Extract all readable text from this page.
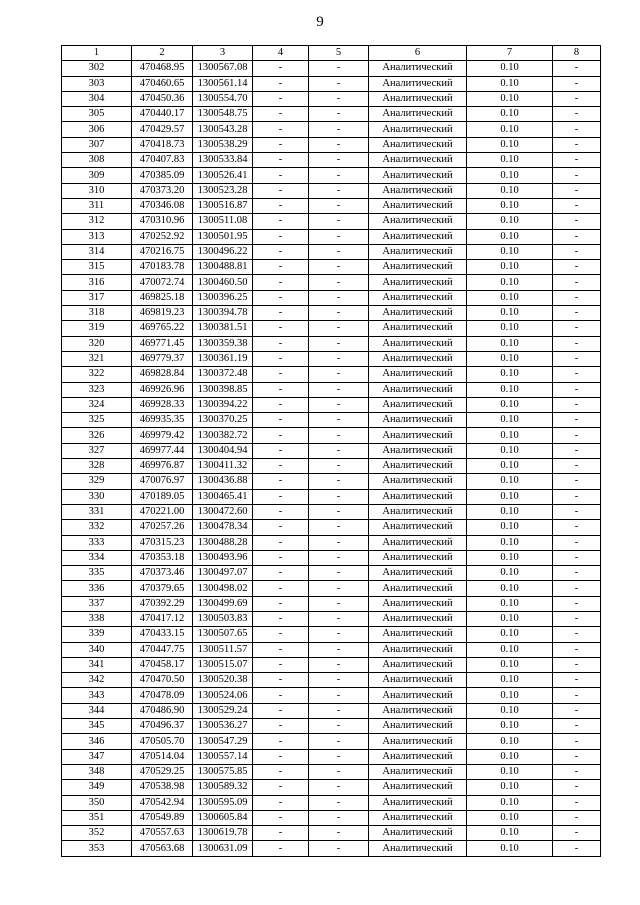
9
1	2	3	4	5	6	7	8
302	470468.95	1300567.08	-	-	Аналитический	0.10	-
303	470460.65	1300561.14	-	-	Аналитический	0.10	-
304	470450.36	1300554.70	-	-	Аналитический	0.10	-
305	470440.17	1300548.75	-	-	Аналитический	0.10	-
306	470429.57	1300543.28	-	-	Аналитический	0.10	-
307	470418.73	1300538.29	-	-	Аналитический	0.10	-
308	470407.83	1300533.84	-	-	Аналитический	0.10	-
309	470385.09	1300526.41	-	-	Аналитический	0.10	-
310	470373.20	1300523.28	-	-	Аналитический	0.10	-
311	470346.08	1300516.87	-	-	Аналитический	0.10	-
312	470310.96	1300511.08	-	-	Аналитический	0.10	-
313	470252.92	1300501.95	-	-	Аналитический	0.10	-
314	470216.75	1300496.22	-	-	Аналитический	0.10	-
315	470183.78	1300488.81	-	-	Аналитический	0.10	-
316	470072.74	1300460.50	-	-	Аналитический	0.10	-
317	469825.18	1300396.25	-	-	Аналитический	0.10	-
318	469819.23	1300394.78	-	-	Аналитический	0.10	-
319	469765.22	1300381.51	-	-	Аналитический	0.10	-
320	469771.45	1300359.38	-	-	Аналитический	0.10	-
321	469779.37	1300361.19	-	-	Аналитический	0.10	-
322	469828.84	1300372.48	-	-	Аналитический	0.10	-
323	469926.96	1300398.85	-	-	Аналитический	0.10	-
324	469928.33	1300394.22	-	-	Аналитический	0.10	-
325	469935.35	1300370.25	-	-	Аналитический	0.10	-
326	469979.42	1300382.72	-	-	Аналитический	0.10	-
327	469977.44	1300404.94	-	-	Аналитический	0.10	-
328	469976.87	1300411.32	-	-	Аналитический	0.10	-
329	470076.97	1300436.88	-	-	Аналитический	0.10	-
330	470189.05	1300465.41	-	-	Аналитический	0.10	-
331	470221.00	1300472.60	-	-	Аналитический	0.10	-
332	470257.26	1300478.34	-	-	Аналитический	0.10	-
333	470315.23	1300488.28	-	-	Аналитический	0.10	-
334	470353.18	1300493.96	-	-	Аналитический	0.10	-
335	470373.46	1300497.07	-	-	Аналитический	0.10	-
336	470379.65	1300498.02	-	-	Аналитический	0.10	-
337	470392.29	1300499.69	-	-	Аналитический	0.10	-
338	470417.12	1300503.83	-	-	Аналитический	0.10	-
339	470433.15	1300507.65	-	-	Аналитический	0.10	-
340	470447.75	1300511.57	-	-	Аналитический	0.10	-
341	470458.17	1300515.07	-	-	Аналитический	0.10	-
342	470470.50	1300520.38	-	-	Аналитический	0.10	-
343	470478.09	1300524.06	-	-	Аналитический	0.10	-
344	470486.90	1300529.24	-	-	Аналитический	0.10	-
345	470496.37	1300536.27	-	-	Аналитический	0.10	-
346	470505.70	1300547.29	-	-	Аналитический	0.10	-
347	470514.04	1300557.14	-	-	Аналитический	0.10	-
348	470529.25	1300575.85	-	-	Аналитический	0.10	-
349	470538.98	1300589.32	-	-	Аналитический	0.10	-
350	470542.94	1300595.09	-	-	Аналитический	0.10	-
351	470549.89	1300605.84	-	-	Аналитический	0.10	-
352	470557.63	1300619.78	-	-	Аналитический	0.10	-
353	470563.68	1300631.09	-	-	Аналитический	0.10	-
